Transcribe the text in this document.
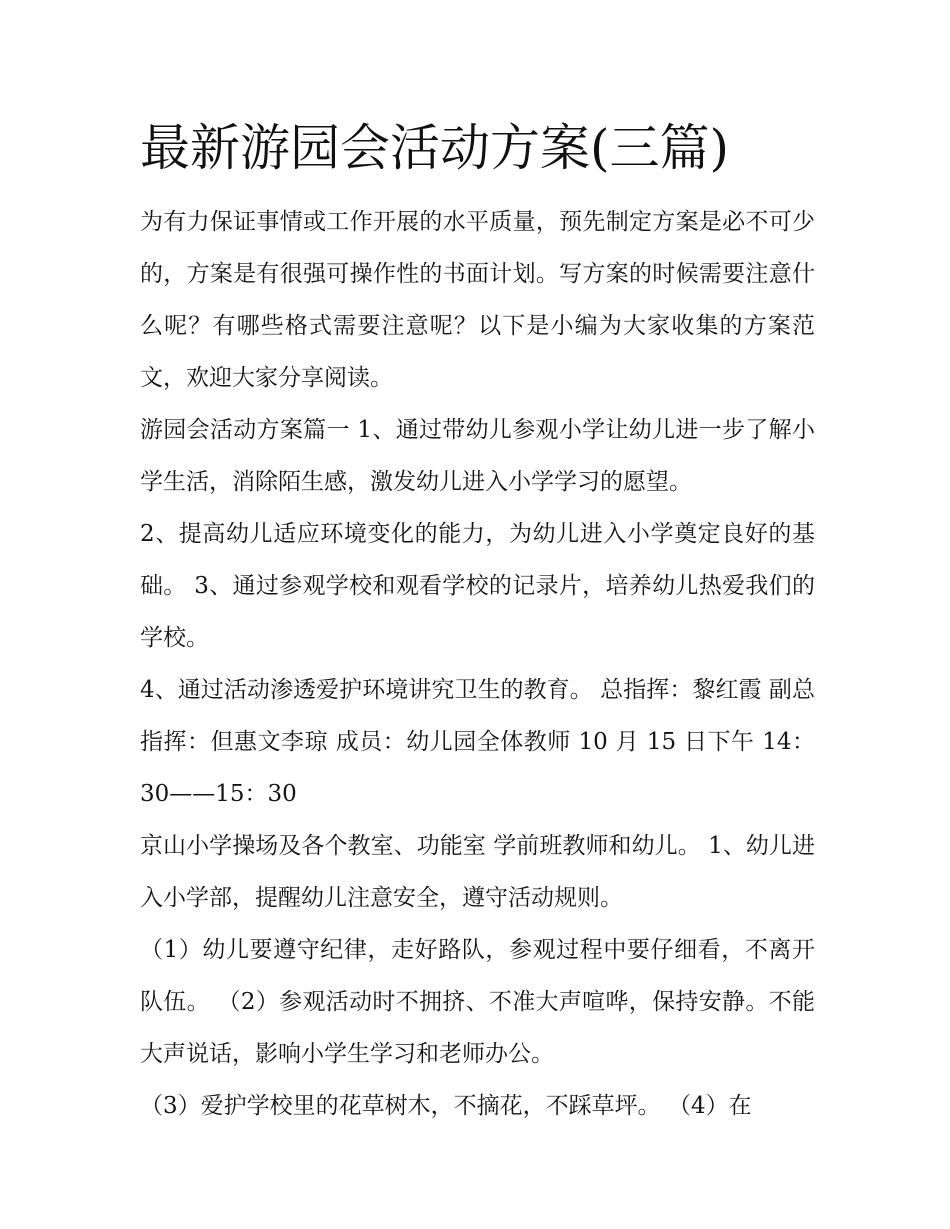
最新游园会活动方案(三篇)

为有力保证事情或工作开展的水平质量，预先制定方案是必不可少的，方案是有很强可操作性的书面计划。写方案的时候需要注意什么呢？有哪些格式需要注意呢？以下是小编为大家收集的方案范文，欢迎大家分享阅读。

游园会活动方案篇一 1、通过带幼儿参观小学让幼儿进一步了解小学生活，消除陌生感，激发幼儿进入小学学习的愿望。

2、提高幼儿适应环境变化的能力，为幼儿进入小学奠定良好的基础。 3、通过参观学校和观看学校的记录片，培养幼儿热爱我们的学校。

4、通过活动渗透爱护环境讲究卫生的教育。 总指挥：黎红霞 副总指挥：但惠文李琼 成员：幼儿园全体教师 10 月 15 日下午 14：30——15：30

京山小学操场及各个教室、功能室 学前班教师和幼儿。 1、幼儿进入小学部，提醒幼儿注意安全，遵守活动规则。

（1）幼儿要遵守纪律，走好路队，参观过程中要仔细看，不离开队伍。 （2）参观活动时不拥挤、不准大声喧哗，保持安静。不能大声说话，影响小学生学习和老师办公。

（3）爱护学校里的花草树木，不摘花，不踩草坪。 （4）在
